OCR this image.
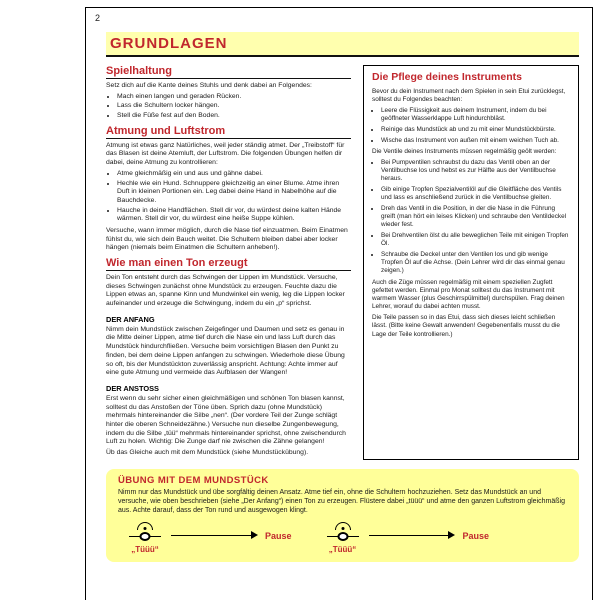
2
GRUNDLAGEN
Spielhaltung

Setz dich auf die Kante deines Stuhls und denk dabei an Folgendes:

• Mach einen langen und geraden Rücken.
• Lass die Schultern locker hängen.
• Stell die Füße fest auf den Boden.
Atmung und Luftstrom

Atmung ist etwas ganz Natürliches, weil jeder ständig atmet. Der „Treibstoff“ für das Blasen ist deine Atemluft, der Luftstrom. Die folgenden Übungen helfen dir dabei, deine Atmung zu kontrollieren:

• Atme gleichmäßig ein und aus und gähne dabei.
• Hechle wie ein Hund. Schnuppere gleichzeitig an einer Blume. Atme ihren Duft in kleinen Portionen ein. Leg dabei deine Hand in Nabelhöhe auf die Bauchdecke.
• Hauche in deine Handflächen. Stell dir vor, du würdest deine kalten Hände wärmen. Stell dir vor, du würdest eine heiße Suppe kühlen.

Versuche, wann immer möglich, durch die Nase tief einzuatmen. Beim Einatmen fühlst du, wie sich dein Bauch weitet. Die Schultern bleiben dabei aber locker hängen (niemals beim Einatmen die Schultern anheben!).

Wie man einen Ton erzeugt

Dein Ton entsteht durch das Schwingen der Lippen im Mundstück. Versuche, dieses Schwingen zunächst ohne Mundstück zu erzeugen. Feuchte dazu die Lippen etwas an, spanne Kinn und Mundwinkel ein wenig, leg die Lippen locker aufeinander und erzeuge die Schwingung, indem du ein „p“ sprichst.

DER ANFANG

Nimm dein Mundstück zwischen Zeigefinger und Daumen und setz es genau in die Mitte deiner Lippen, atme tief durch die Nase ein und lass Luft durch das Mundstück hindurchfließen. Versuche beim vorsichtigen Blasen den Punkt zu finden, bei dem deine Lippen anfangen zu schwingen. Wiederhole diese Übung so oft, bis der Mundstückton zuverlässig anspricht. Achtung: Achte immer auf eine gute Atmung und vermeide das Aufblasen der Wangen!

DER ANSTOSS

Erst wenn du sehr sicher einen gleichmäßigen und schönen Ton blasen kannst, solltest du das Anstoßen der Töne üben. Sprich dazu (ohne Mundstück) mehrmals hintereinander die Silbe „nen“. (Der vordere Teil der Zunge schlägt hinter die oberen Schneidezähne.) Versuche nun dieselbe Zungenbewegung, indem du die Silbe „tüü“ mehrmals hintereinander sprichst, ohne zwischendurch Luft zu holen. Wichtig: Die Zunge darf nie zwischen die Zähne gelangen!

Üb das Gleiche auch mit dem Mundstück (siehe Mundstückübung).

Die Pflege deines Instruments

Bevor du dein Instrument nach dem Spielen in sein Etui zurücklegst, solltest du Folgendes beachten:

• Leere die Flüssigkeit aus deinem Instrument, indem du bei geöffneter Wasserklappe Luft hindurchbläst.
• Reinige das Mundstück ab und zu mit einer Mundstückbürste.
• Wische das Instrument von außen mit einem weichen Tuch ab.

Die Ventile deines Instruments müssen regelmäßig geölt werden:

• Bei Pumpventilen schraubst du dazu das Ventil oben an der Ventilbuchse los und hebst es zur Hälfte aus der Ventilbuchse heraus.
• Gib einige Tropfen Spezialventilöl auf die Gleitfläche des Ventils und lass es anschließend zurück in die Ventilbuchse gleiten.
• Dreh das Ventil in die Position, in der die Nase in die Führung greift (man hört ein leises Klicken) und schraube den Ventildeckel wieder fest.
• Bei Drehventilen ölst du alle beweglichen Teile mit einigen Tropfen Öl.
• Schraube die Deckel unter den Ventilen los und gib wenige Tropfen Öl auf die Achse. (Dein Lehrer wird dir das einmal genau zeigen.)

Auch die Züge müssen regelmäßig mit einem speziellen Zugfett gefettet werden. Einmal pro Monat solltest du das Instrument mit warmem Wasser (plus Geschirrspülmittel) durchspülen. Frag deinen Lehrer, worauf du dabei achten musst.

Die Teile passen so in das Etui, dass sich dieses leicht schließen lässt. (Bitte keine Gewalt anwenden! Gegebenenfalls musst du die Lage der Teile kontrollieren.)

ÜBUNG MIT DEM MUNDSTÜCK

Nimm nur das Mundstück und übe sorgfältig deinen Ansatz. Atme tief ein, ohne die Schultern hochzuziehen. Setz das Mundstück an und versuche, wie oben beschrieben (siehe „Der Anfang“) einen Ton zu erzeugen. Flüstere dabei „tüüü“ und atme den ganzen Luftstrom gleichmäßig aus. Achte darauf, dass der Ton rund und ausgewogen klingt.

„Tüüü“
Pause
„Tüüü“
Pause
